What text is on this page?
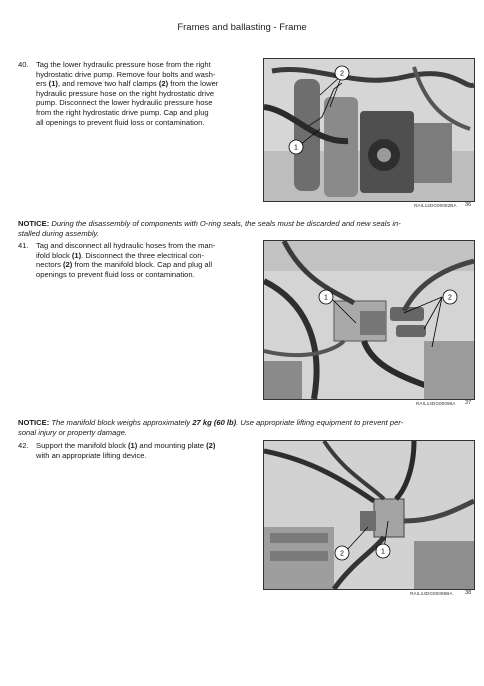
Frames and ballasting - Frame
40. Tag the lower hydraulic pressure hose from the right
hydrostatic drive pump. Remove four bolts and wash-
ers (1), and remove two half clamps (2) from the lower
hydraulic pressure hose on the right hydrostatic drive
pump. Disconnect the lower hydraulic pressure hose
from the right hydrostatic drive pump. Cap and plug
all openings to prevent fluid loss or contamination.
1
2
RAIL14DG00082BA 36
NOTICE: During the disassembly of components with O-ring seals, the seals must be discarded and new seals in-
stalled during assembly.
41. Tag and disconnect all hydraulic hoses from the man-
ifold block (1). Disconnect the three electrical con-
nectors (2) from the manifold block. Cap and plug all
openings to prevent fluid loss or contamination.
1	2
RAIL14DG00098A 37
NOTICE: The manifold block weighs approximately 27 kg (60 lb). Use appropriate lifting equipment to prevent per-
sonal injury or property damage.
42. Support the manifold block (1) and mounting plate (2)
with an appropriate lifting device.
2	1
RAIL14DG00096BA 38
